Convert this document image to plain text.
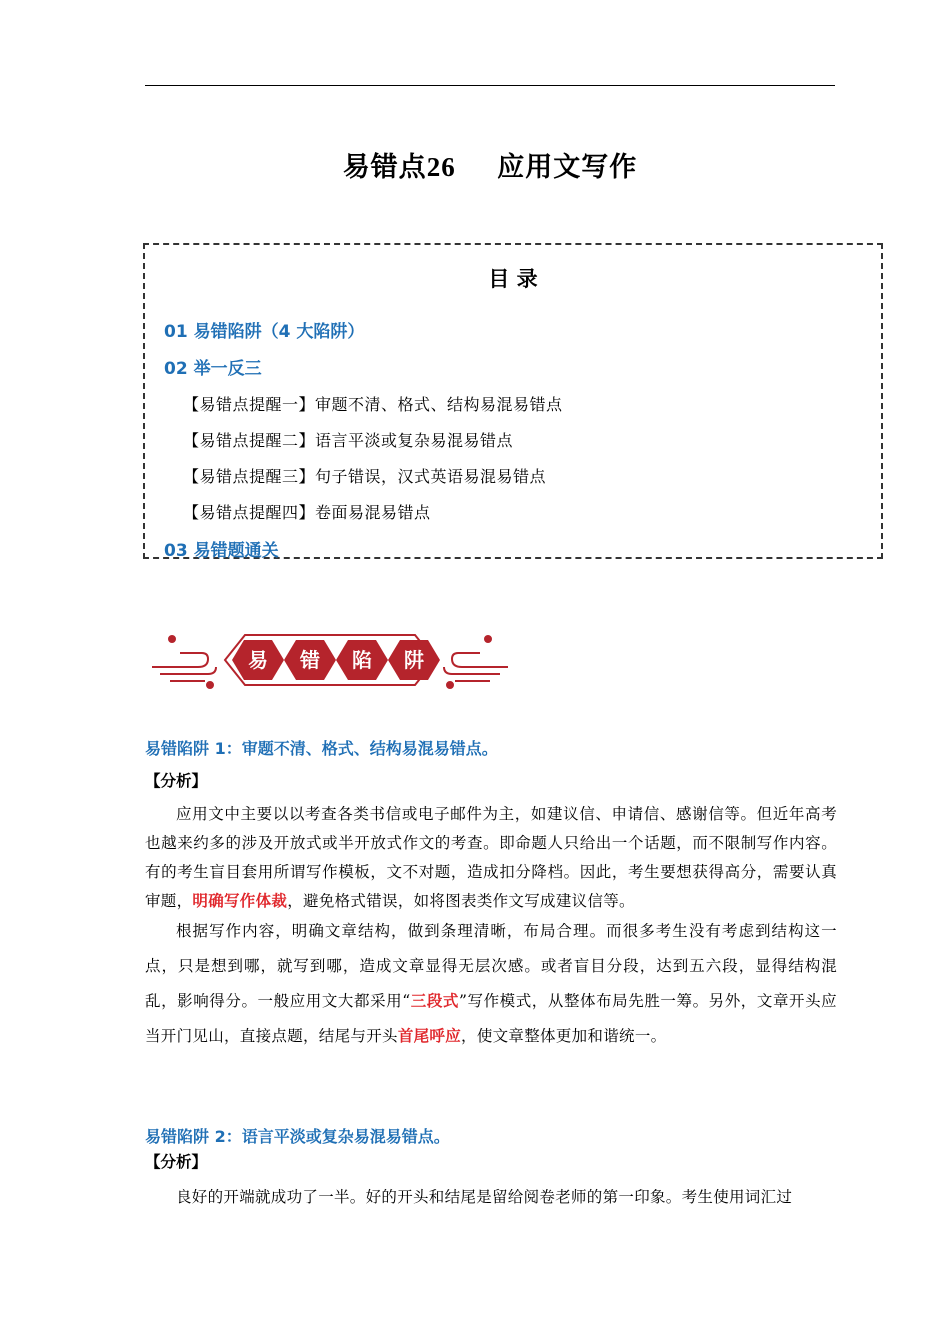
易错点26 应用文写作
目 录
01 易错陷阱（4 大陷阱）
02 举一反三
【易错点提醒一】审题不清、格式、结构易混易错点
【易错点提醒二】语言平淡或复杂易混易错点
【易错点提醒三】句子错误，汉式英语易混易错点
【易错点提醒四】卷面易混易错点
03 易错题通关
易 错 陷 阱
易错陷阱 1：审题不清、格式、结构易混易错点。
【分析】
应用文中主要以以考查各类书信或电子邮件为主，如建议信、申请信、感谢信等。但近年高考也越来约多的涉及开放式或半开放式作文的考查。即命题人只给出一个话题，而不限制写作内容。有的考生盲目套用所谓写作模板，文不对题，造成扣分降档。因此，考生要想获得高分，需要认真审题，明确写作体裁，避免格式错误，如将图表类作文写成建议信等。
根据写作内容，明确文章结构，做到条理清晰，布局合理。而很多考生没有考虑到结构这一点，只是想到哪，就写到哪，造成文章显得无层次感。或者盲目分段，达到五六段，显得结构混乱，影响得分。一般应用文大都采用“三段式”写作模式，从整体布局先胜一筹。另外，文章开头应当开门见山，直接点题，结尾与开头首尾呼应，使文章整体更加和谐统一。
易错陷阱 2：语言平淡或复杂易混易错点。
【分析】
良好的开端就成功了一半。好的开头和结尾是留给阅卷老师的第一印象。考生使用词汇过
